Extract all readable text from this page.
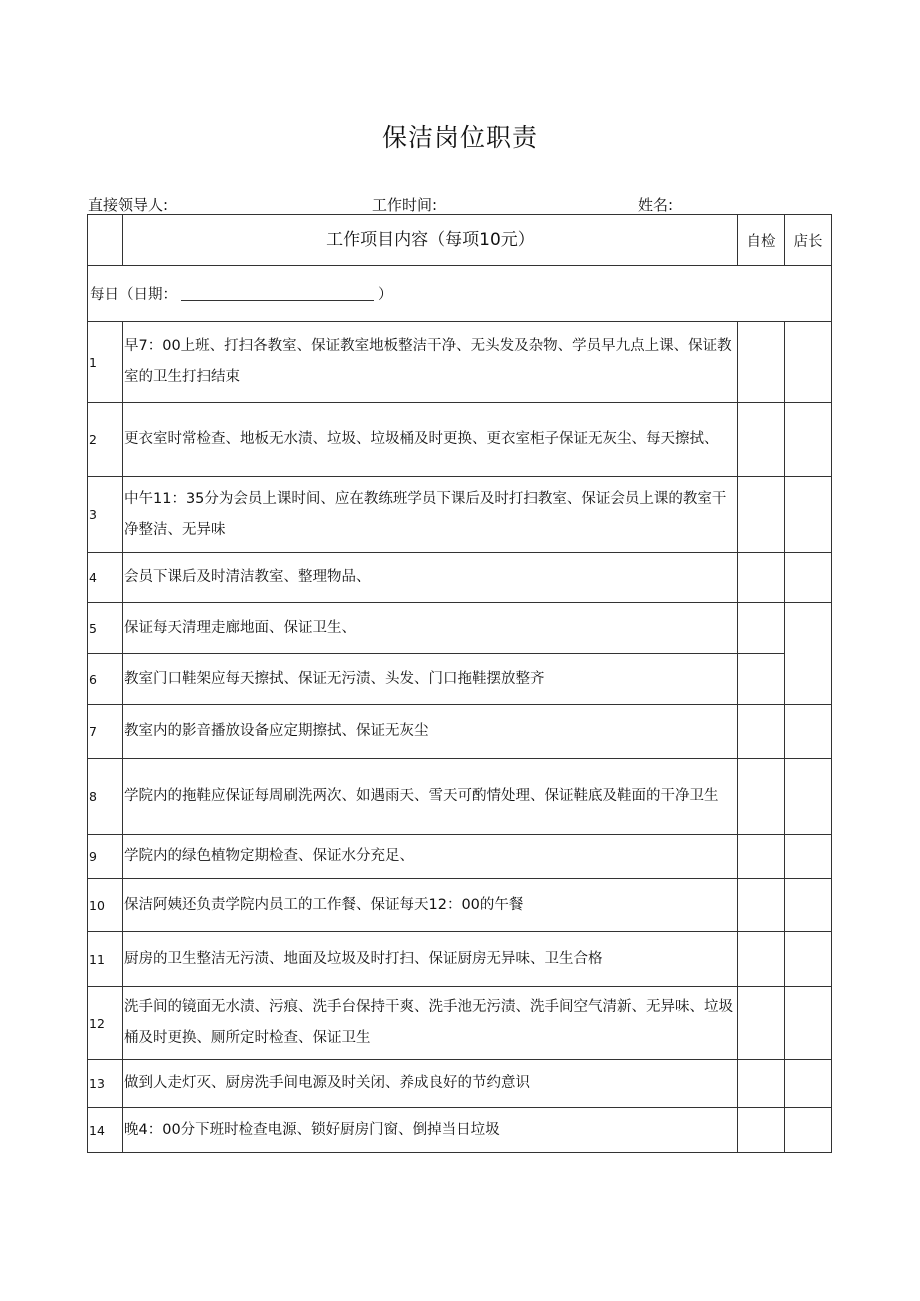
保洁岗位职责
直接领导人:	工作时间:	姓名:
	工作项目内容（每项10元）	自检	店长
每日（日期： ）			
1	早7：00上班、打扫各教室、保证教室地板整洁干净、无头发及杂物、学员早九点上课、保证教室的卫生打扫结束		
2	更衣室时常检查、地板无水渍、垃圾、垃圾桶及时更换、更衣室柜子保证无灰尘、每天擦拭、		
3	中午11：35分为会员上课时间、应在教练班学员下课后及时打扫教室、保证会员上课的教室干净整洁、无异味		
4	会员下课后及时清洁教室、整理物品、		
5	保证每天清理走廊地面、保证卫生、		
6	教室门口鞋架应每天擦拭、保证无污渍、头发、门口拖鞋摆放整齐		
7	教室内的影音播放设备应定期擦拭、保证无灰尘		
8	学院内的拖鞋应保证每周刷洗两次、如遇雨天、雪天可酌情处理、保证鞋底及鞋面的干净卫生		
9	学院内的绿色植物定期检查、保证水分充足、		
10	保洁阿姨还负责学院内员工的工作餐、保证每天12：00的午餐		
11	厨房的卫生整洁无污渍、地面及垃圾及时打扫、保证厨房无异味、卫生合格		
12	洗手间的镜面无水渍、污痕、洗手台保持干爽、洗手池无污渍、洗手间空气清新、无异味、垃圾桶及时更换、厕所定时检查、保证卫生		
13	做到人走灯灭、厨房洗手间电源及时关闭、养成良好的节约意识		
14	晚4：00分下班时检查电源、锁好厨房门窗、倒掉当日垃圾		
